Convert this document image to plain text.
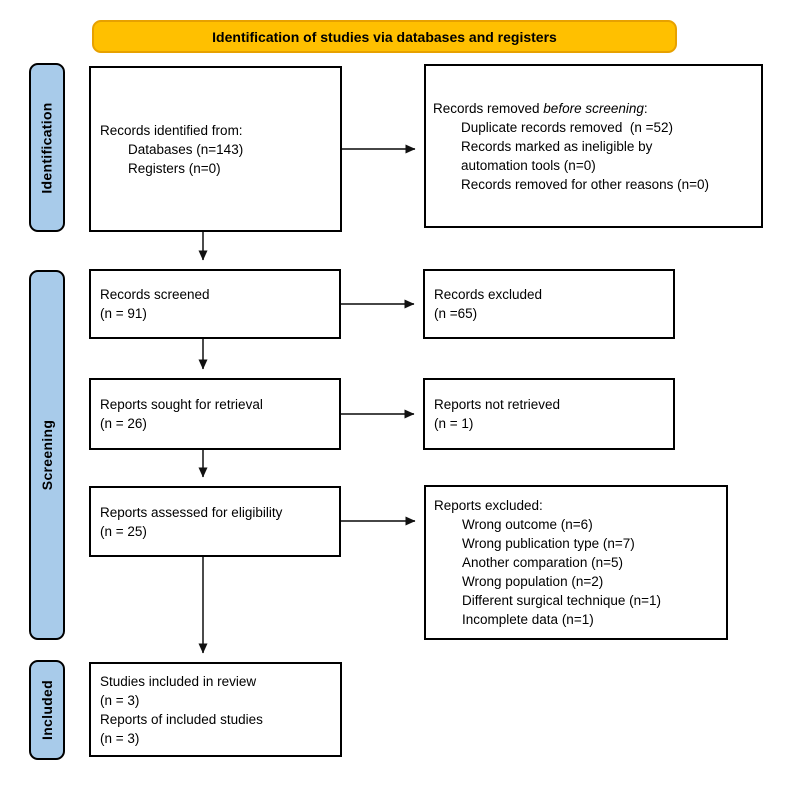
Identification of studies via databases and registers
Identification
Screening
Included
Records identified from:
Databases (n=143)
Registers (n=0)
Records removed before screening:
Duplicate records removed  (n =52)
Records marked as ineligible by
automation tools (n=0)
Records removed for other reasons (n=0)
Records screened
(n = 91)
Records excluded
(n =65)
Reports sought for retrieval
(n = 26)
Reports not retrieved
(n = 1)
Reports assessed for eligibility
(n = 25)
Reports excluded:
Wrong outcome (n=6)
Wrong publication type (n=7)
Another comparation (n=5)
Wrong population (n=2)
Different surgical technique (n=1)
Incomplete data (n=1)
Studies included in review
(n = 3)
Reports of included studies
(n = 3)
